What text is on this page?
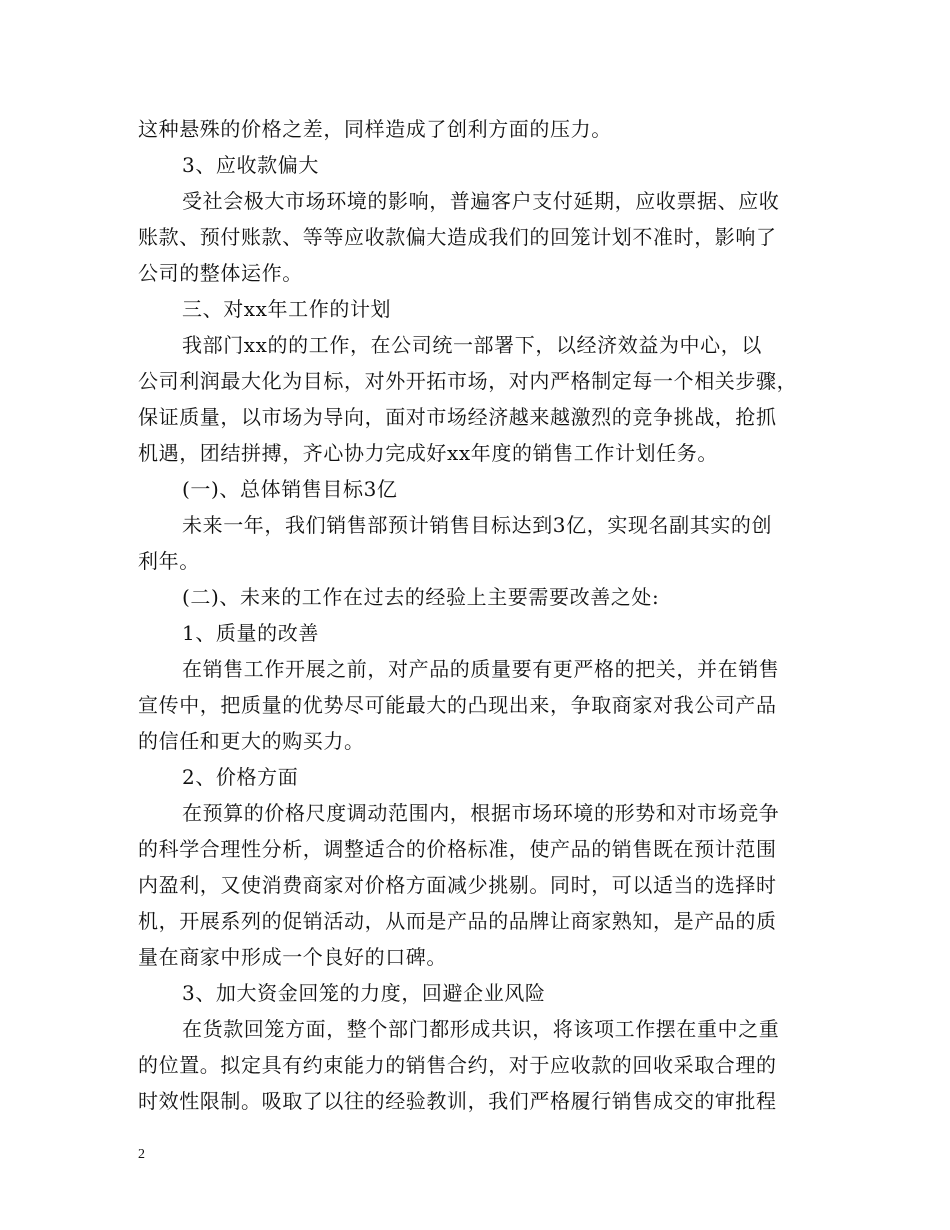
这种悬殊的价格之差，同样造成了创利方面的压力。
3、应收款偏大
受社会极大市场环境的影响，普遍客户支付延期，应收票据、应收
账款、预付账款、等等应收款偏大造成我们的回笼计划不准时，影响了
公司的整体运作。
三、对xx年工作的计划
我部门xx的的工作，在公司统一部署下，以经济效益为中心，以
公司利润最大化为目标，对外开拓市场，对内严格制定每一个相关步骤，
保证质量，以市场为导向，面对市场经济越来越激烈的竞争挑战，抢抓
机遇，团结拼搏，齐心协力完成好xx年度的销售工作计划任务。
(一)、总体销售目标3亿
未来一年，我们销售部预计销售目标达到3亿，实现名副其实的创
利年。
(二)、未来的工作在过去的经验上主要需要改善之处:
1、质量的改善
在销售工作开展之前，对产品的质量要有更严格的把关，并在销售
宣传中，把质量的优势尽可能最大的凸现出来，争取商家对我公司产品
的信任和更大的购买力。
2、价格方面
在预算的价格尺度调动范围内，根据市场环境的形势和对市场竞争
的科学合理性分析，调整适合的价格标准，使产品的销售既在预计范围
内盈利，又使消费商家对价格方面减少挑剔。同时，可以适当的选择时
机，开展系列的促销活动，从而是产品的品牌让商家熟知，是产品的质
量在商家中形成一个良好的口碑。
3、加大资金回笼的力度，回避企业风险
在货款回笼方面，整个部门都形成共识，将该项工作摆在重中之重
的位置。拟定具有约束能力的销售合约，对于应收款的回收采取合理的
时效性限制。吸取了以往的经验教训，我们严格履行销售成交的审批程
2
